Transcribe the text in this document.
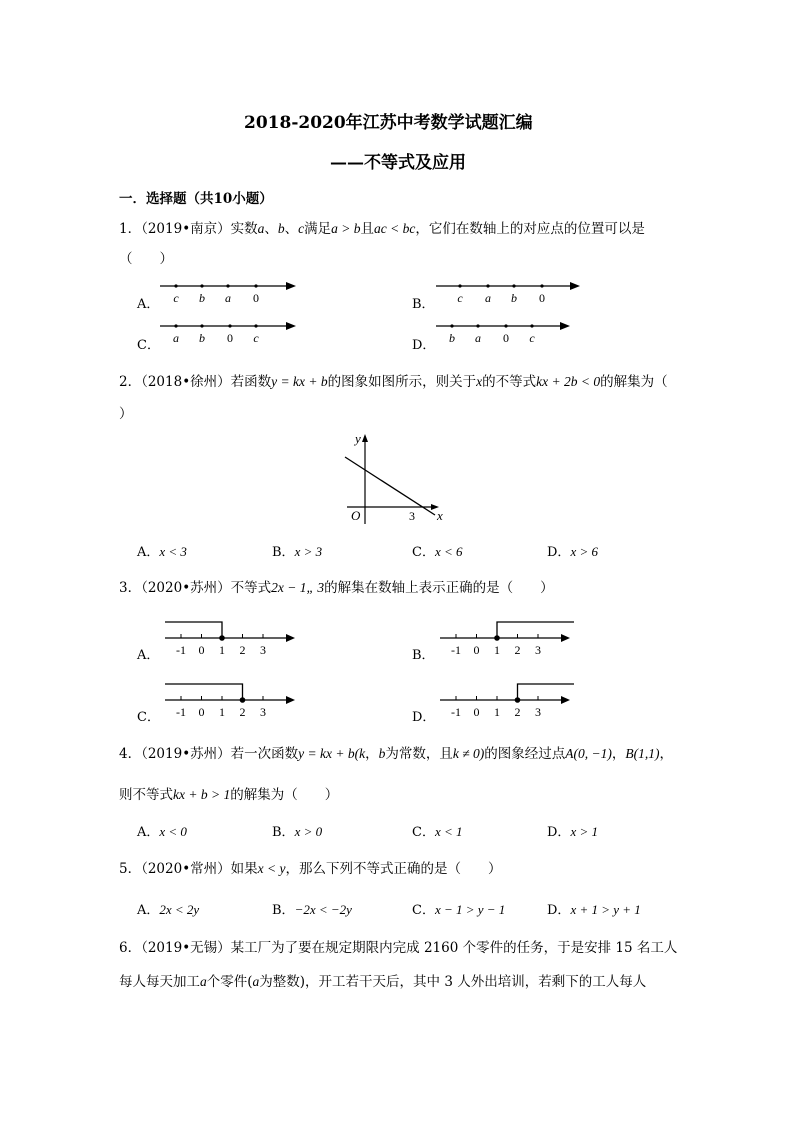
2018-2020年江苏中考数学试题汇编
——不等式及应用
一．选择题（共10小题）
1．（2019•南京）实数a、b、c满足a > b且ac < bc，它们在数轴上的对应点的位置可以是
（　　）
A． c b a 0	B． c a b 0
C． a b 0 c	D． b a 0 c
2．（2018•徐州）若函数y = kx + b的图象如图所示，则关于x的不等式kx + 2b < 0的解集为（
）
y
x
O	3
A．x < 3	B．x > 3	C．x < 6	D．x > 6
3．（2020•苏州）不等式2x − 1„ 3的解集在数轴上表示正确的是（　　）
A． -1 0 1 2 3	B． -1 0 1 2 3
C． -1 0 1 2 3	D． -1 0 1 2 3
4．（2019•苏州）若一次函数y = kx + b(k，b为常数，且k ≠ 0)的图象经过点A(0, −1)，B(1,1)，
则不等式kx + b > 1的解集为（　　）
A．x < 0	B．x > 0	C．x < 1	D．x > 1
5．（2020•常州）如果x < y，那么下列不等式正确的是（　　）
A．2x < 2y	B．−2x < −2y	C．x − 1 > y − 1	D．x + 1 > y + 1
6．（2019•无锡）某工厂为了要在规定期限内完成 2160 个零件的任务，于是安排 15 名工人
每人每天加工a个零件(a为整数)，开工若干天后，其中 3 人外出培训，若剩下的工人每人
